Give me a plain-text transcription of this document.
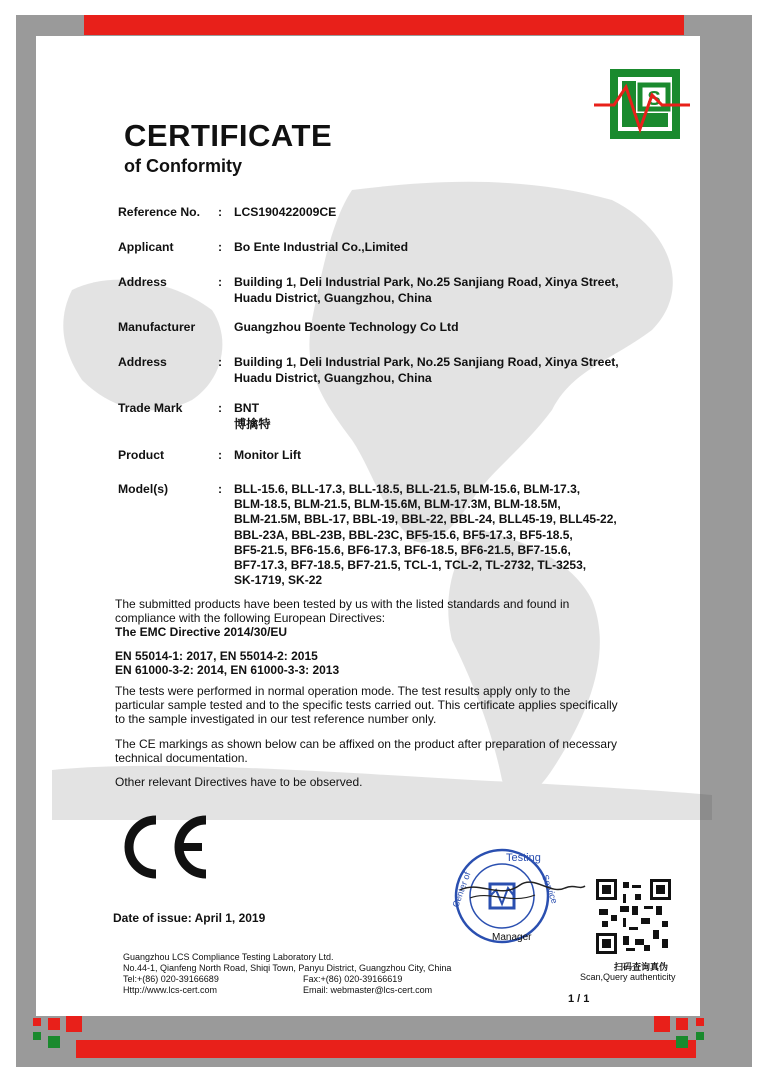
CERTIFICATE
of Conformity
S
Reference No.	: LCS190422009CE
Applicant	: Bo Ente Industrial Co.,Limited
Address	: Building 1, Deli Industrial Park, No.25 Sanjiang Road, Xinya Street,
Huadu District, Guangzhou, China
Manufacturer	Guangzhou Boente Technology Co Ltd
Address	: Building 1, Deli Industrial Park, No.25 Sanjiang Road, Xinya Street,
Huadu District, Guangzhou, China
Trade Mark	: BNT
博擒特
Product	: Monitor Lift
Model(s)	: BLL-15.6, BLL-17.3, BLL-18.5, BLL-21.5, BLM-15.6, BLM-17.3,
BLM-18.5, BLM-21.5, BLM-15.6M, BLM-17.3M, BLM-18.5M,
BLM-21.5M, BBL-17, BBL-19, BBL-22, BBL-24, BLL45-19, BLL45-22,
BBL-23A, BBL-23B, BBL-23C, BF5-15.6, BF5-17.3, BF5-18.5,
BF5-21.5, BF6-15.6, BF6-17.3, BF6-18.5, BF6-21.5, BF7-15.6,
BF7-17.3, BF7-18.5, BF7-21.5, TCL-1, TCL-2, TL-2732, TL-3253,
SK-1719, SK-22
The submitted products have been tested by us with the listed standards and found in
compliance with the following European Directives:
The EMC Directive 2014/30/EU
EN 55014-1: 2017, EN 55014-2: 2015
EN 61000-3-2: 2014, EN 61000-3-3: 2013
The tests were performed in normal operation mode. The test results apply only to the
particular sample tested and to the specific tests carried out. This certificate applies specifically
to the sample investigated in our test reference number only.
The CE markings as shown below can be affixed on the product after preparation of necessary
technical documentation.
Other relevant Directives have to be observed.
CE
Date of issue: April 1, 2019
Testing
Center of	Service
Manager
扫码查询真伪
Scan,Query authenticity
Guangzhou LCS Compliance Testing Laboratory Ltd.
No.44-1, Qianfeng North Road, Shiqi Town, Panyu District, Guangzhou City, China
Tel:+(86) 020-39166689	Fax:+(86) 020-39166619
Http://www.lcs-cert.com	Email: webmaster@lcs-cert.com
1 / 1
